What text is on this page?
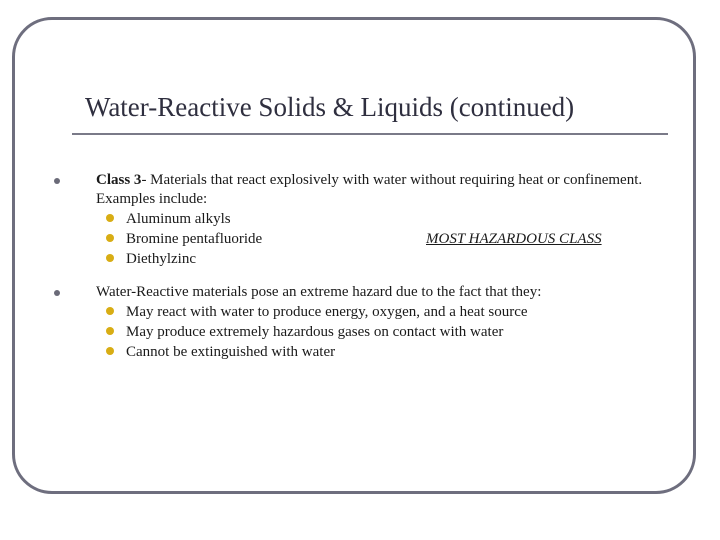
Water-Reactive Solids & Liquids (continued)
Class 3- Materials that react explosively with water without requiring heat or confinement. Examples include:
Aluminum alkyls
Bromine pentafluoride	MOST HAZARDOUS CLASS
Diethylzinc
Water-Reactive materials pose an extreme hazard due to the fact that they:
May react with water to produce energy, oxygen, and a heat source
May produce extremely hazardous gases on contact with water
Cannot be extinguished with water
